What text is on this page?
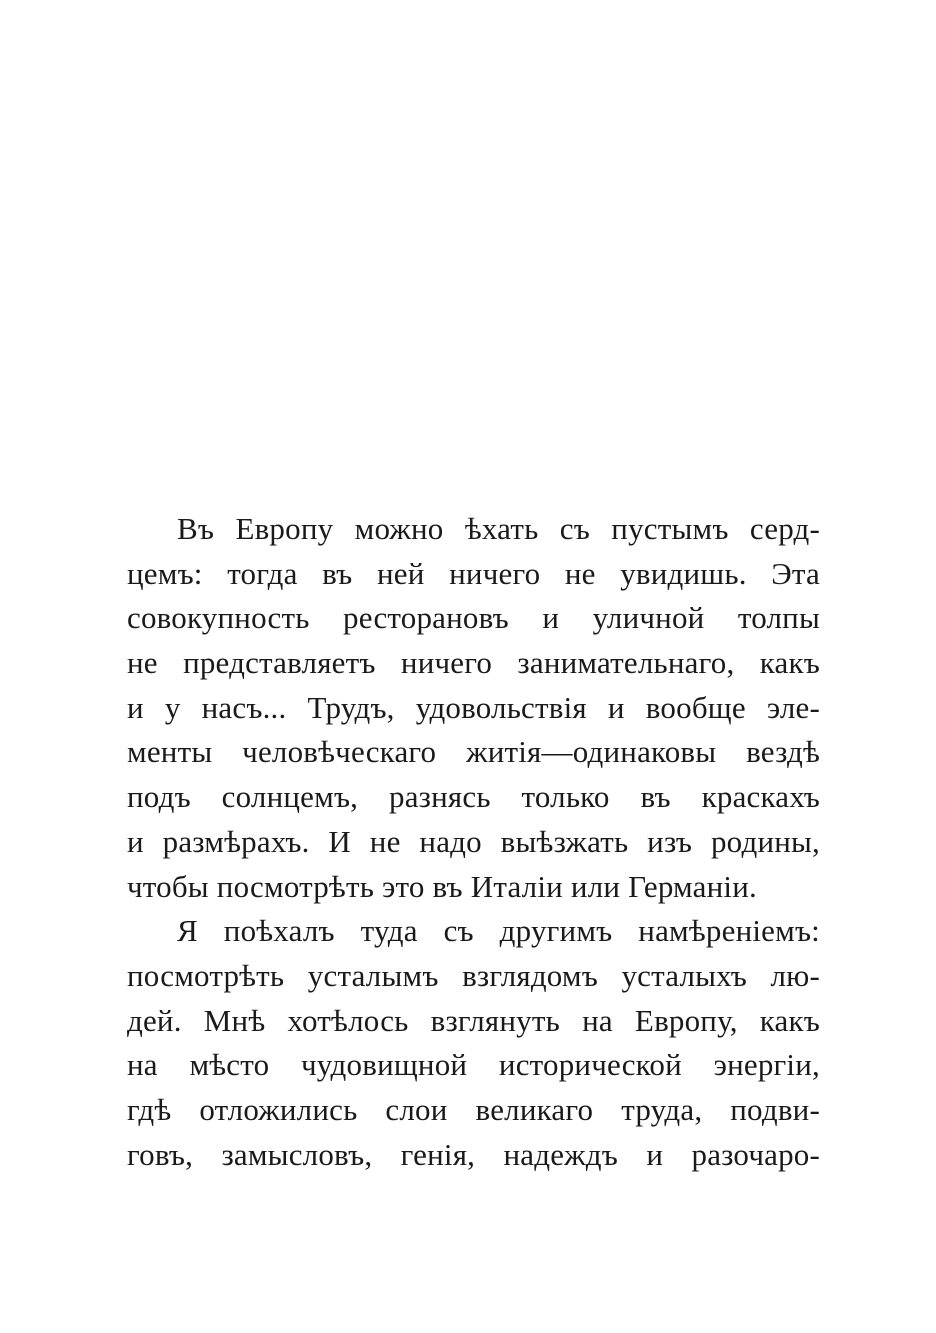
Въ Европу можно ѣхать съ пустымъ серд-
цемъ: тогда въ ней ничего не увидишь. Эта
совокупность ресторановъ и уличной толпы
не представляетъ ничего занимательнаго, какъ
и у насъ... Трудъ, удовольствія и вообще эле-
менты человѣческаго житія—одинаковы вездѣ
подъ солнцемъ, разнясь только въ краскахъ
и размѣрахъ. И не надо выѣзжать изъ родины,
чтобы посмотрѣть это въ Италіи или Германіи.
Я поѣхалъ туда съ другимъ намѣреніемъ:
посмотрѣть усталымъ взглядомъ усталыхъ лю-
дей. Мнѣ хотѣлось взглянуть на Европу, какъ
на мѣсто чудовищной исторической энергіи,
гдѣ отложились слои великаго труда, подви-
говъ, замысловъ, генія, надеждъ и разочаро-
